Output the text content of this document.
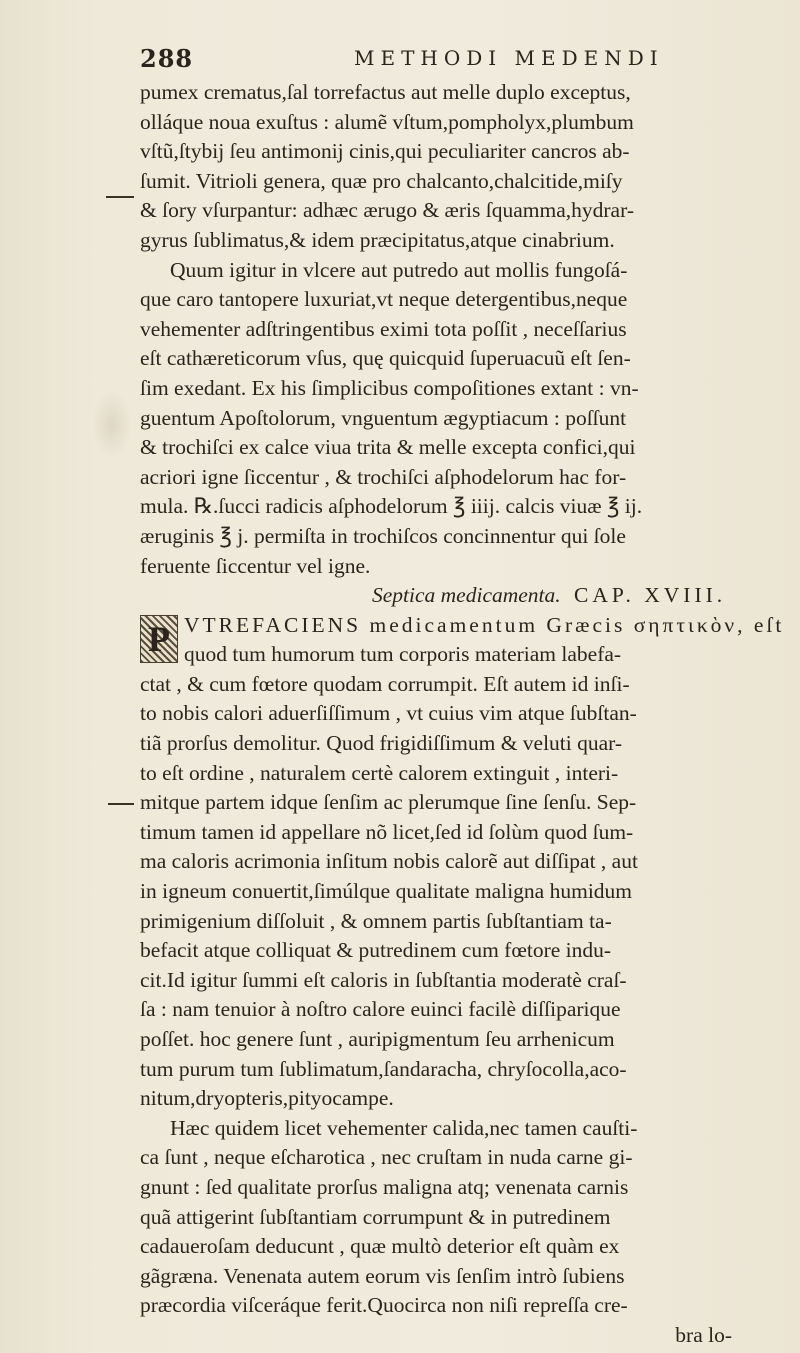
288	METHODI MEDENDI
pumex crematus,ſal torrefactus aut melle duplo exceptus,
olláque noua exuſtus : alumẽ vſtum,pompholyx,plumbum
vſtũ,ſtybij ſeu antimonij cinis,qui peculiariter cancros ab-
ſumit. Vitrioli genera, quæ pro chalcanto,chalcitide,miſy
& ſory vſurpantur: adhæc ærugo & æris ſquamma,hydrar-
gyrus ſublimatus,& idem præcipitatus,atque cinabrium.
Quum igitur in vlcere aut putredo aut mollis fungoſá-
que caro tantopere luxuriat,vt neque detergentibus,neque
vehementer adſtringentibus eximi tota poſſit , neceſſarius
eſt cathæreticorum vſus, quę quicquid ſuperuacuũ eſt ſen-
ſim exedant. Ex his ſimplicibus compoſitiones extant : vn-
guentum Apoſtolorum, vnguentum ægyptiacum : poſſunt
& trochiſci ex calce viua trita & melle excepta confici,qui
acriori igne ſiccentur , & trochiſci aſphodelorum hac for-
mula. ℞.ſucci radicis aſphodelorum ℥ iiij. calcis viuæ ℥ ij.
æruginis ℥ j. permiſta in trochiſcos concinnentur qui ſole
feruente ſiccentur vel igne.
Septica medicamenta. CAP. XVIII.
P VTREFACIENS medicamentum Græcis σηπτικὸν, eſt
quod tum humorum tum corporis materiam labefa-
ctat , & cum fœtore quodam corrumpit. Eſt autem id inſi-
to nobis calori aduerſiſſimum , vt cuius vim atque ſubſtan-
tiã prorſus demolitur. Quod frigidiſſimum & veluti quar-
to eſt ordine , naturalem certè calorem extinguit , interi-
mitque partem idque ſenſim ac plerumque ſine ſenſu. Sep-
timum tamen id appellare nõ licet,ſed id ſolùm quod ſum-
ma caloris acrimonia inſitum nobis calorẽ aut diſſipat , aut
in igneum conuertit,ſimúlque qualitate maligna humidum
primigenium diſſoluit , & omnem partis ſubſtantiam ta-
befacit atque colliquat & putredinem cum fœtore indu-
cit.Id igitur ſummi eſt caloris in ſubſtantia moderatè craſ-
ſa : nam tenuior à noſtro calore euinci facilè diſſiparique
poſſet. hoc genere ſunt , auripigmentum ſeu arrhenicum
tum purum tum ſublimatum,ſandaracha, chryſocolla,aco-
nitum,dryopteris,pityocampe.
Hæc quidem licet vehementer calida,nec tamen cauſti-
ca ſunt , neque eſcharotica , nec cruſtam in nuda carne gi-
gnunt : ſed qualitate prorſus maligna atq; venenata carnis
quã attigerint ſubſtantiam corrumpunt & in putredinem
cadaueroſam deducunt , quæ multò deterior eſt quàm ex
gãgræna. Venenata autem eorum vis ſenſim intrò ſubiens
præcordia viſceráque ferit.Quocirca non niſi repreſſa cre-
bra lo-
